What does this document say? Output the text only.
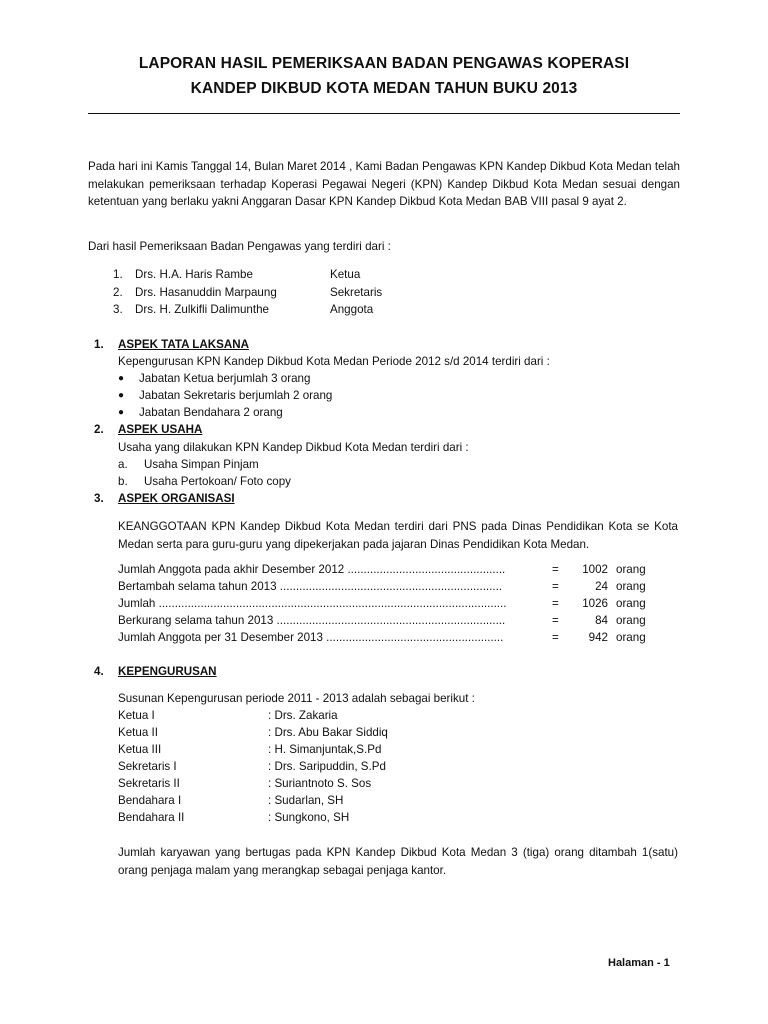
LAPORAN HASIL PEMERIKSAAN BADAN PENGAWAS KOPERASI
KANDEP DIKBUD KOTA MEDAN TAHUN BUKU 2013
Pada hari ini Kamis Tanggal 14, Bulan Maret 2014 , Kami Badan Pengawas KPN Kandep Dikbud Kota Medan telah melakukan pemeriksaan terhadap Koperasi Pegawai Negeri (KPN) Kandep Dikbud Kota Medan sesuai dengan ketentuan yang berlaku yakni Anggaran Dasar KPN Kandep Dikbud Kota Medan BAB VIII pasal 9 ayat 2.
Dari hasil Pemeriksaan Badan Pengawas yang terdiri dari :
1. Drs. H.A. Haris Rambe	Ketua
2. Drs. Hasanuddin Marpaung	Sekretaris
3. Drs. H. Zulkifli Dalimunthe	Anggota
1. ASPEK TATA LAKSANA
Kepengurusan KPN Kandep Dikbud Kota Medan Periode 2012 s/d 2014 terdiri dari :
● Jabatan Ketua berjumlah 3 orang
● Jabatan Sekretaris berjumlah 2 orang
● Jabatan Bendahara 2 orang
2. ASPEK USAHA
Usaha yang dilakukan KPN Kandep Dikbud Kota Medan terdiri dari :
a. Usaha Simpan Pinjam
b. Usaha Pertokoan/ Foto copy
3. ASPEK ORGANISASI
KEANGGOTAAN KPN Kandep Dikbud Kota Medan terdiri dari PNS pada Dinas Pendidikan Kota se Kota Medan serta para guru-guru yang dipekerjakan pada jajaran Dinas Pendidikan Kota Medan.
Jumlah Anggota pada akhir Desember 2012 .................................................	=	1002 orang
Bertambah selama tahun 2013 .....................................................................	=	24 orang
Jumlah ............................................................................................................	=	1026 orang
Berkurang selama tahun 2013 .......................................................................	=	84 orang
Jumlah Anggota per 31 Desember 2013 .......................................................	=	942 orang
4. KEPENGURUSAN
Susunan Kepengurusan periode 2011 - 2013 adalah sebagai berikut :
Ketua I	: Drs. Zakaria
Ketua II	: Drs. Abu Bakar Siddiq
Ketua III	: H. Simanjuntak,S.Pd
Sekretaris I	: Drs. Saripuddin, S.Pd
Sekretaris II	: Suriantnoto S. Sos
Bendahara I	: Sudarlan, SH
Bendahara II	: Sungkono, SH
Jumlah karyawan yang bertugas pada KPN Kandep Dikbud Kota Medan 3 (tiga) orang ditambah 1(satu) orang penjaga malam yang merangkap sebagai penjaga kantor.
Halaman - 1
